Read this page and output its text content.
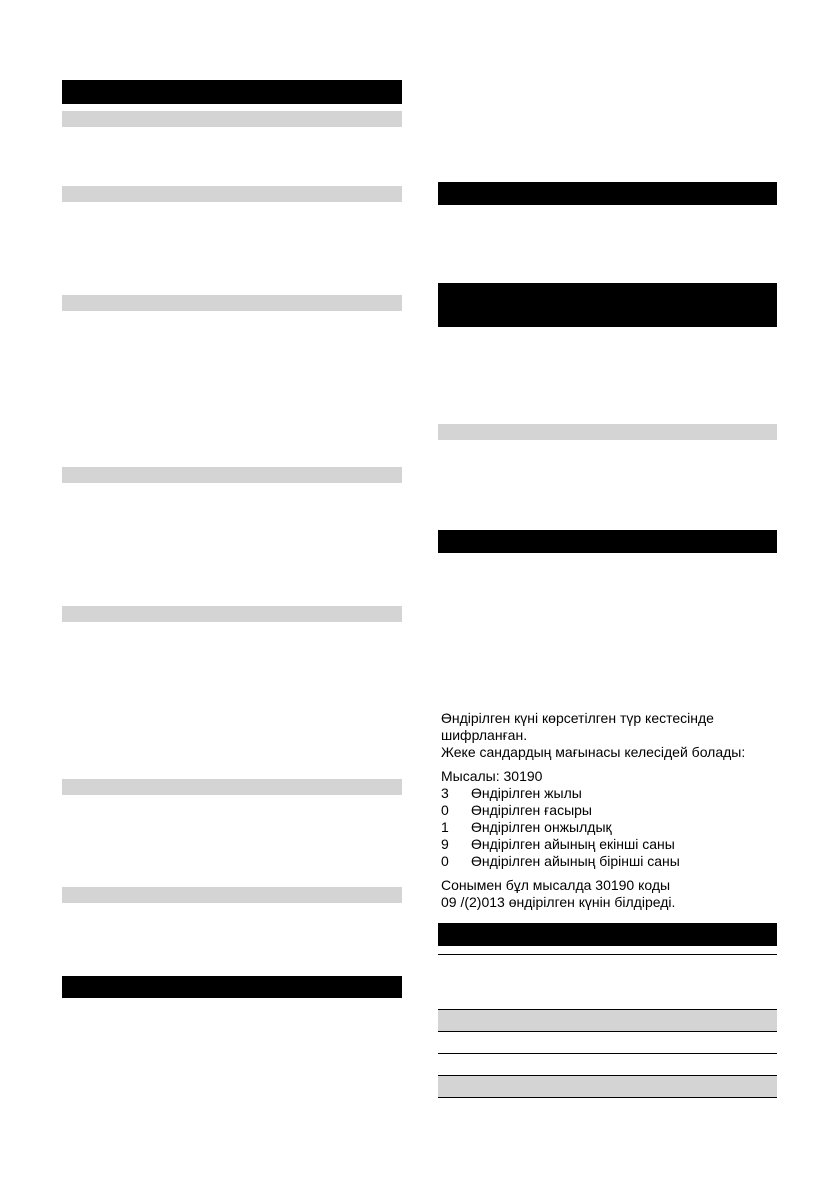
Өндірілген күні көрсетілген түр кестесінде
шифрланған.
Жеке сандардың мағынасы келесідей болады:
Мысалы: 30190
3 Өндірілген жылы
0 Өндірілген ғасыры
1 Өндірілген онжылдық
9 Өндірілген айының екінші саны
0 Өндірілген айының бірінші саны
Сонымен бұл мысалда 30190 коды
09 /(2)013 өндірілген күнін білдіреді.
